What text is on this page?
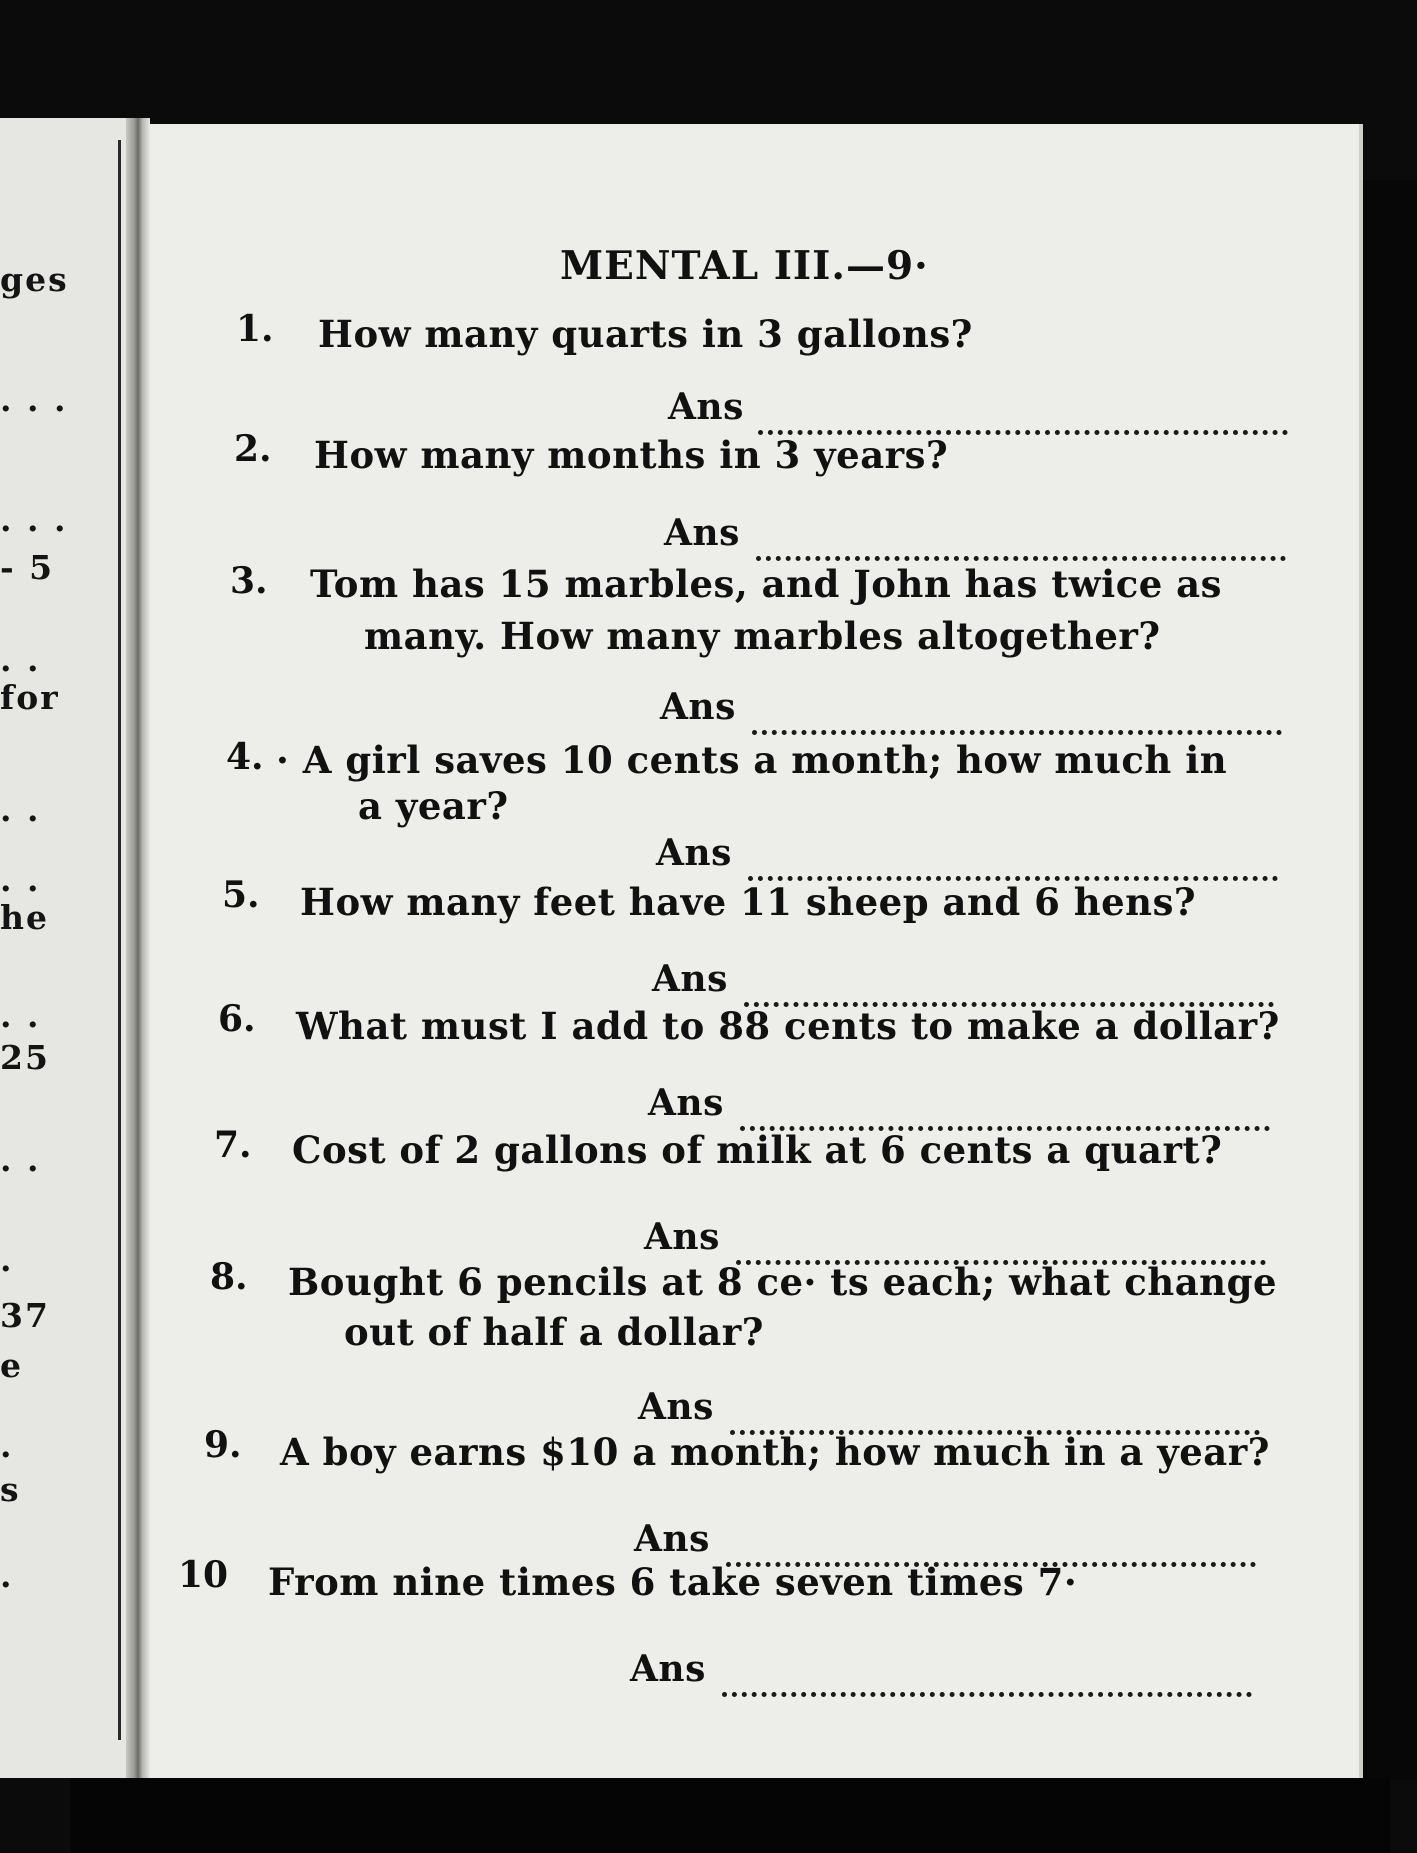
ges
. . .
. . .
- 5
. .
for
. .
. .
he
. .
25
. .
.
37
e
.
s
.
MENTAL III.—9·
1. How many quarts in 3 gallons?
Ans
2. How many months in 3 years?
Ans
3. Tom has 15 marbles, and John has twice as
many. How many marbles altogether?
Ans
4. · A girl saves 10 cents a month; how much in
a year?
Ans
5. How many feet have 11 sheep and 6 hens?
Ans
6. What must I add to 88 cents to make a dollar?
Ans
7. Cost of 2 gallons of milk at 6 cents a quart?
Ans
8. Bought 6 pencils at 8 ce· ts each; what change
out of half a dollar?
Ans
9. A boy earns $10 a month; how much in a year?
Ans
10 From nine times 6 take seven times 7·
Ans
